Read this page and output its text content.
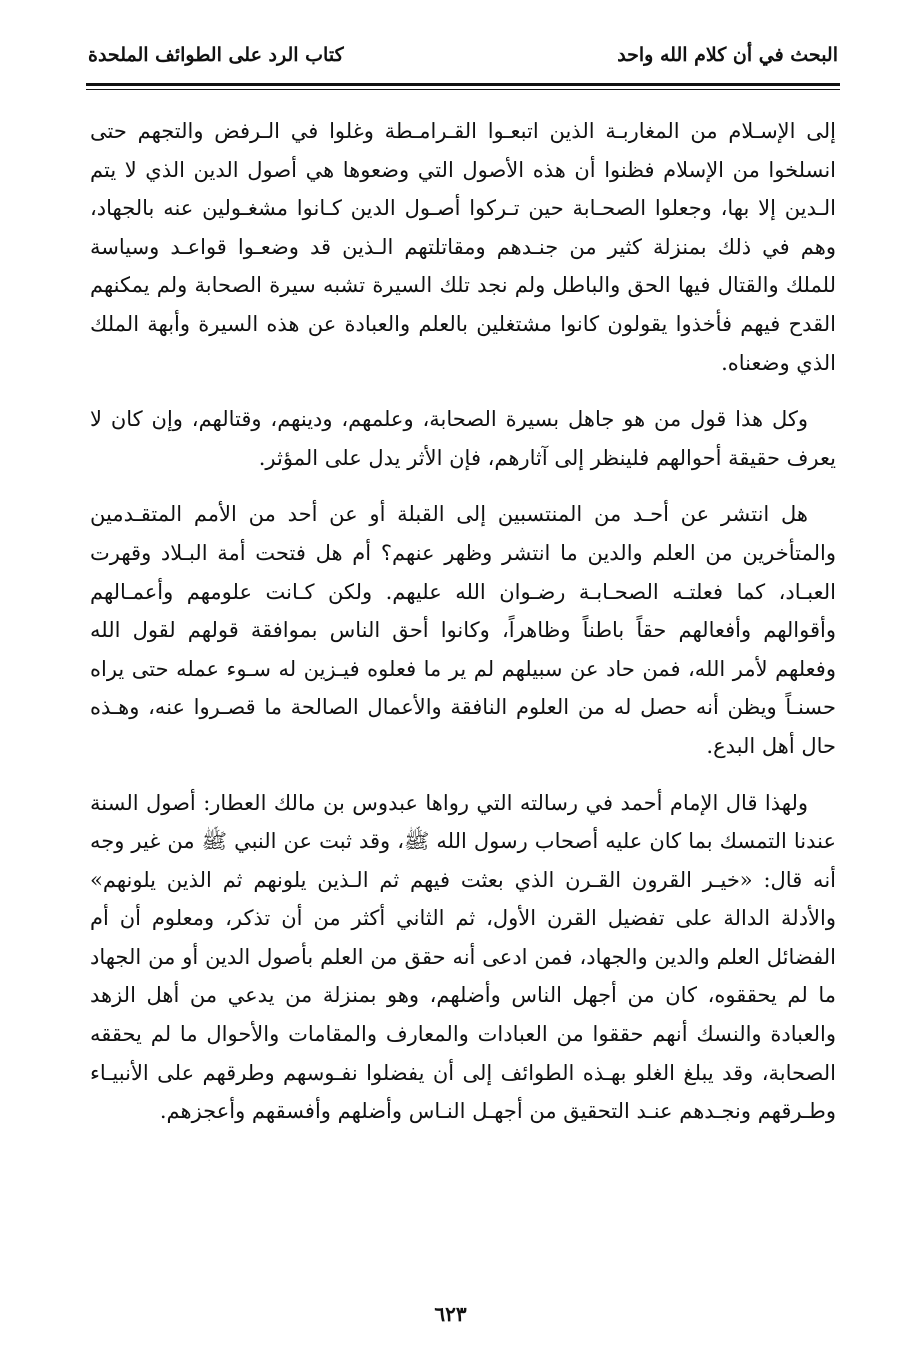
البحث في أن كلام الله واحد
كتاب الرد على الطوائف الملحدة

إلى الإسـلام من المغاربـة الذين اتبعـوا القـرامـطة وغلوا في الـرفض والتجهم حتى انسلخوا من الإسلام فظنوا أن هذه الأصول التي وضعوها هي أصول الدين الذي لا يتم الـدين إلا بها، وجعلوا الصحـابة حين تـركوا أصـول الدين كـانوا مشغـولين عنه بالجهاد، وهم في ذلك بمنزلة كثير من جنـدهم ومقاتلتهم الـذين قد وضعـوا قواعـد وسياسة للملك والقتال فيها الحق والباطل ولم نجد تلك السيرة تشبه سيرة الصحابة ولم يمكنهم القدح فيهم فأخذوا يقولون كانوا مشتغلين بالعلم والعبادة عن هذه السيرة وأبهة الملك الذي وضعناه.

وكل هذا قول من هو جاهل بسيرة الصحابة، وعلمهم، ودينهم، وقتالهم، وإن كان لا يعرف حقيقة أحوالهم فلينظر إلى آثارهم، فإن الأثر يدل على المؤثر.

هل انتشر عن أحـد من المنتسبين إلى القبلة أو عن أحد من الأمم المتقـدمين والمتأخرين من العلم والدين ما انتشر وظهر عنهم؟ أم هل فتحت أمة البـلاد وقهرت العبـاد، كما فعلتـه الصحـابـة رضـوان الله عليهم. ولكن كـانت علومهم وأعمـالهم وأقوالهم وأفعالهم حقاً باطناً وظاهراً، وكانوا أحق الناس بموافقة قولهم لقول الله وفعلهم لأمر الله، فمن حاد عن سبيلهم لم ير ما فعلوه فيـزين له سـوء عمله حتى يراه حسنـاً ويظن أنه حصل له من العلوم النافقة والأعمال الصالحة ما قصـروا عنه، وهـذه حال أهل البدع.

ولهذا قال الإمام أحمد في رسالته التي رواها عبدوس بن مالك العطار: أصول السنة عندنا التمسك بما كان عليه أصحاب رسول الله ﷺ، وقد ثبت عن النبي ﷺ من غير وجه أنه قال: «خيـر القرون القـرن الذي بعثت فيهم ثم الـذين يلونهم ثم الذين يلونهم» والأدلة الدالة على تفضيل القرن الأول، ثم الثاني أكثر من أن تذكر، ومعلوم أن أم الفضائل العلم والدين والجهاد، فمن ادعى أنه حقق من العلم بأصول الدين أو من الجهاد ما لم يحققوه، كان من أجهل الناس وأضلهم، وهو بمنزلة من يدعي من أهل الزهد والعبادة والنسك أنهم حققوا من العبادات والمعارف والمقامات والأحوال ما لم يحققه الصحابة، وقد يبلغ الغلو بهـذه الطوائف إلى أن يفضلوا نفـوسهم وطرقهم على الأنبيـاء وطـرقهم ونجـدهم عنـد التحقيق من أجهـل النـاس وأضلهم وأفسقهم وأعجزهم.

٦٢٣
